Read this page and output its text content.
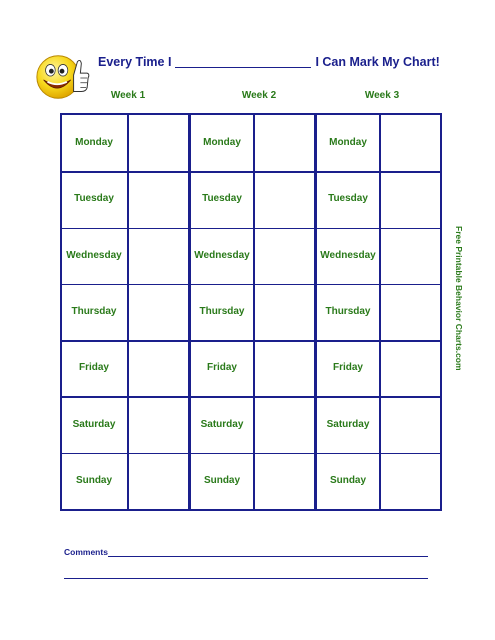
Every Time I	I Can Mark My Chart!
Week 1	Week 2	Week 3
Monday	Monday	Monday
Tuesday	Tuesday	Tuesday
Wednesday	Wednesday	Wednesday
Thursday	Thursday	Thursday
Friday	Friday	Friday
Saturday	Saturday	Saturday
Sunday	Sunday	Sunday
Free Printable Behavior Charts.com
Comments
